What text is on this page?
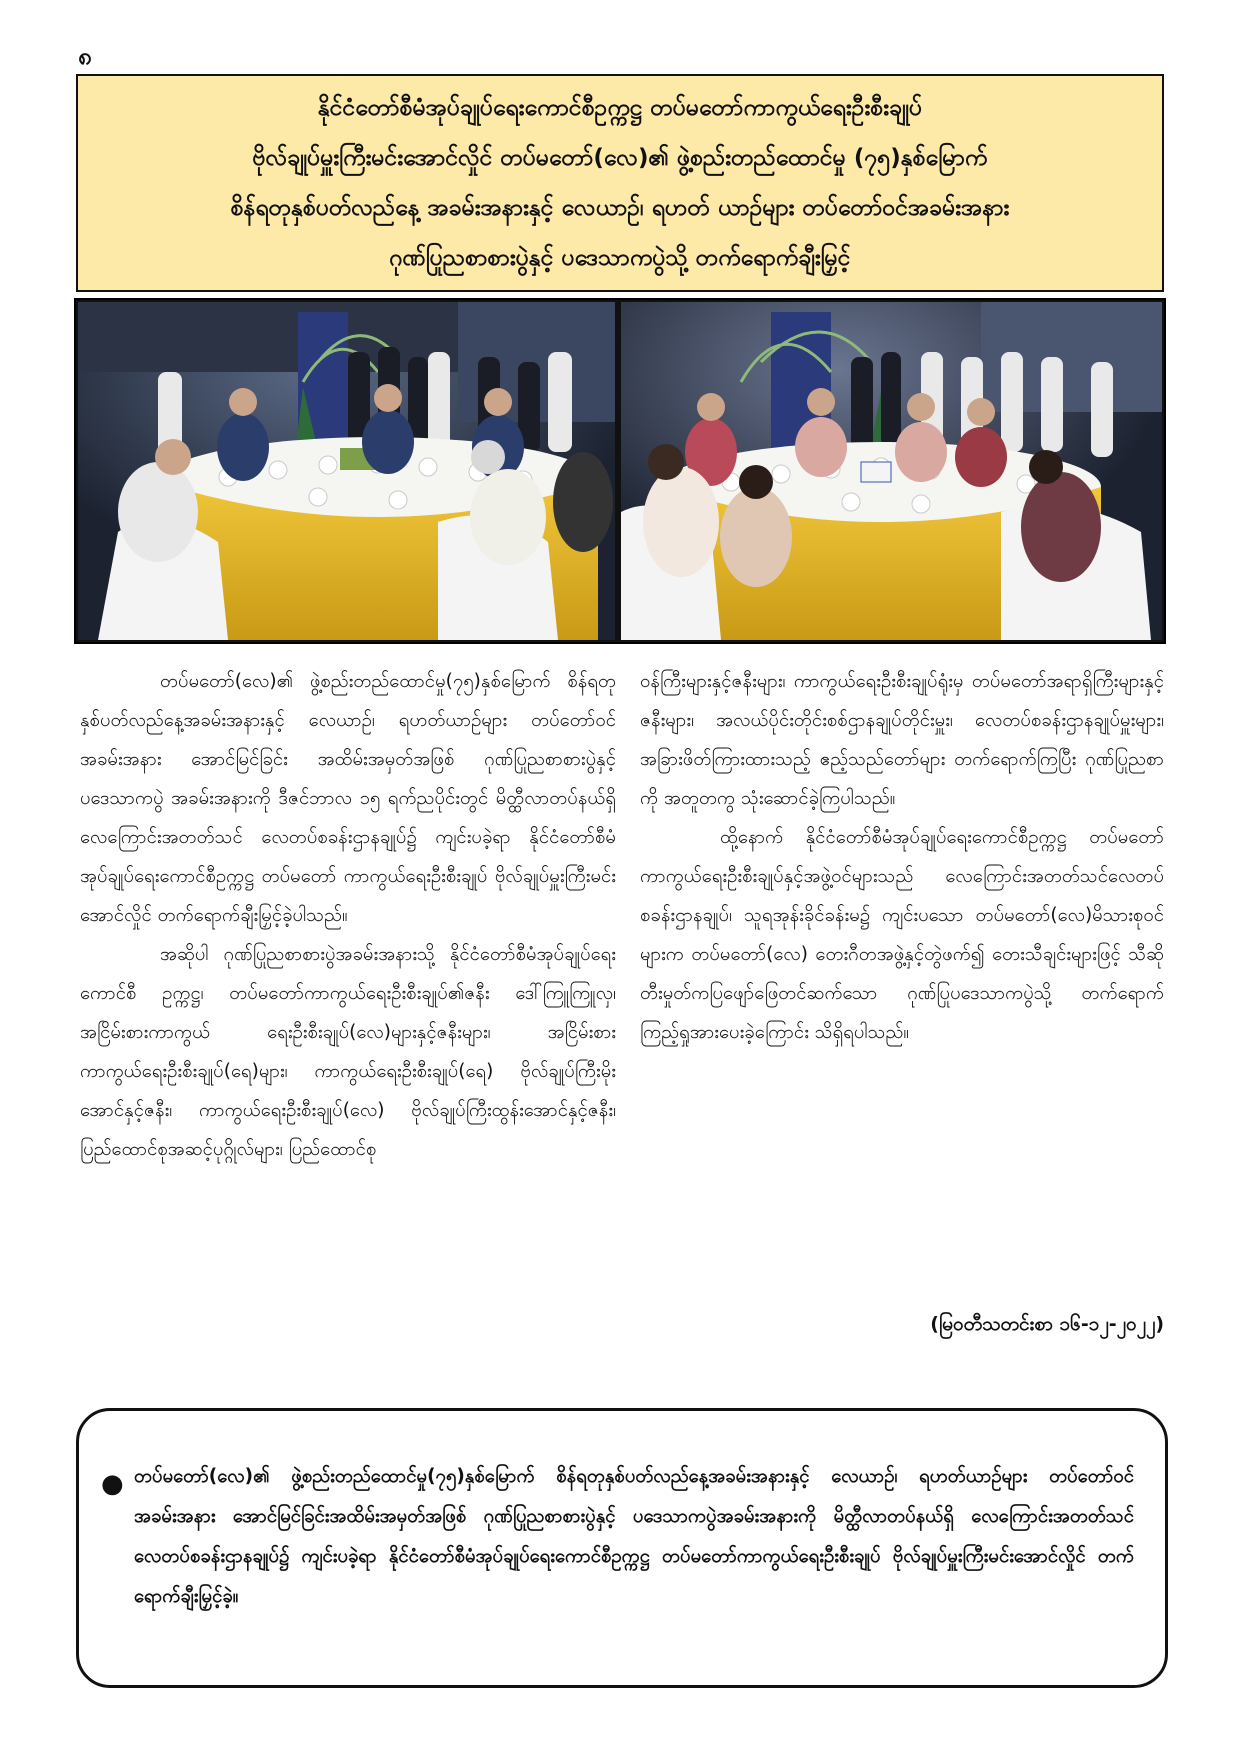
၈
နိုင်ငံတော်စီမံအုပ်ချုပ်ရေးကောင်စီဥက္ကဋ္ဌ တပ်မတော်ကာကွယ်ရေးဦးစီးချုပ်
ဗိုလ်ချုပ်မှူးကြီးမင်းအောင်လှိုင် တပ်မတော်(လေ)၏ ဖွဲ့စည်းတည်ထောင်မှု (၇၅)နှစ်မြောက်
စိန်ရတုနှစ်ပတ်လည်နေ့ အခမ်းအနားနှင့် လေယာဉ်၊ ရဟတ် ယာဉ်များ တပ်တော်ဝင်အခမ်းအနား
ဂုဏ်ပြုညစာစားပွဲနှင့် ပဒေသာကပွဲသို့ တက်ရောက်ချီးမြှင့်

တပ်မတော်(လေ)၏ ဖွဲ့စည်းတည်ထောင်မှု(၇၅)နှစ်မြောက် စိန်ရတုနှစ်ပတ်လည်နေ့အခမ်းအနားနှင့် လေယာဉ်၊ ရဟတ်ယာဉ်များ တပ်တော်ဝင်အခမ်းအနား အောင်မြင်ခြင်း အထိမ်းအမှတ်အဖြစ် ဂုဏ်ပြုညစာစားပွဲနှင့် ပဒေသာကပွဲ အခမ်းအနားကို ဒီဇင်ဘာလ ၁၅ ရက်ညပိုင်းတွင် မိတ္ထီလာတပ်နယ်ရှိ လေကြောင်းအတတ်သင် လေတပ်စခန်းဌာနချုပ်၌ ကျင်းပခဲ့ရာ နိုင်ငံတော်စီမံအုပ်ချုပ်ရေးကောင်စီဥက္ကဋ္ဌ တပ်မတော် ကာကွယ်ရေးဦးစီးချုပ် ဗိုလ်ချုပ်မှူးကြီးမင်းအောင်လှိုင် တက်ရောက်ချီးမြှင့်ခဲ့ပါသည်။

အဆိုပါ ဂုဏ်ပြုညစာစားပွဲအခမ်းအနားသို့ နိုင်ငံတော်စီမံအုပ်ချုပ်ရေးကောင်စီ ဥက္ကဋ္ဌ၊ တပ်မတော်ကာကွယ်ရေးဦးစီးချုပ်၏ဇနီး ဒေါ်ကြူကြူလှ၊ အငြိမ်းစားကာကွယ် ရေးဦးစီးချုပ်(လေ)များနှင့်ဇနီးများ၊ အငြိမ်းစားကာကွယ်ရေးဦးစီးချုပ်(ရေ)များ၊ ကာကွယ်ရေးဦးစီးချုပ်(ရေ) ဗိုလ်ချုပ်ကြီးမိုးအောင်နှင့်ဇနီး၊ ကာကွယ်ရေးဦးစီးချုပ်(လေ) ဗိုလ်ချုပ်ကြီးထွန်းအောင်နှင့်ဇနီး၊ ပြည်ထောင်စုအဆင့်ပုဂ္ဂိုလ်များ၊ ပြည်ထောင်စု

ဝန်ကြီးများနှင့်ဇနီးများ၊ ကာကွယ်ရေးဦးစီးချုပ်ရုံးမှ တပ်မတော်အရာရှိကြီးများနှင့် ဇနီးများ၊ အလယ်ပိုင်းတိုင်းစစ်ဌာနချုပ်တိုင်းမှူး၊ လေတပ်စခန်းဌာနချုပ်မှူးများ၊ အခြားဖိတ်ကြားထားသည့် ဧည့်သည်တော်များ တက်ရောက်ကြပြီး ဂုဏ်ပြုညစာကို အတူတကွ သုံးဆောင်ခဲ့ကြပါသည်။

ထို့နောက် နိုင်ငံတော်စီမံအုပ်ချုပ်ရေးကောင်စီဥက္ကဋ္ဌ တပ်မတော်ကာကွယ်ရေးဦးစီးချုပ်နှင့်အဖွဲ့ဝင်များသည် လေကြောင်းအတတ်သင်လေတပ်စခန်းဌာနချုပ်၊ သူရအုန်းခိုင်ခန်းမ၌ ကျင်းပသော တပ်မတော်(လေ)မိသားစုဝင်များက တပ်မတော်(လေ) တေးဂီတအဖွဲ့နှင့်တွဲဖက်၍ တေးသီချင်းများဖြင့် သီဆိုတီးမှုတ်ကပြဖျော်ဖြေတင်ဆက်သော ဂုဏ်ပြုပဒေသာကပွဲသို့ တက်ရောက်ကြည့်ရှုအားပေးခဲ့ကြောင်း သိရှိရပါသည်။

(မြဝတီသတင်းစာ ၁၆-၁၂-၂၀၂၂)
● တပ်မတော်(လေ)၏ ဖွဲ့စည်းတည်ထောင်မှု(၇၅)နှစ်မြောက် စိန်ရတုနှစ်ပတ်လည်နေ့အခမ်းအနားနှင့် လေယာဉ်၊ ရဟတ်ယာဉ်များ တပ်တော်ဝင်အခမ်းအနား အောင်မြင်ခြင်းအထိမ်းအမှတ်အဖြစ် ဂုဏ်ပြုညစာစားပွဲနှင့် ပဒေသာကပွဲအခမ်းအနားကို မိတ္ထီလာတပ်နယ်ရှိ လေကြောင်းအတတ်သင် လေတပ်စခန်းဌာနချုပ်၌ ကျင်းပခဲ့ရာ နိုင်ငံတော်စီမံအုပ်ချုပ်ရေးကောင်စီဥက္ကဋ္ဌ တပ်မတော်ကာကွယ်ရေးဦးစီးချုပ် ဗိုလ်ချုပ်မှူးကြီးမင်းအောင်လှိုင် တက်ရောက်ချီးမြှင့်ခဲ့။
